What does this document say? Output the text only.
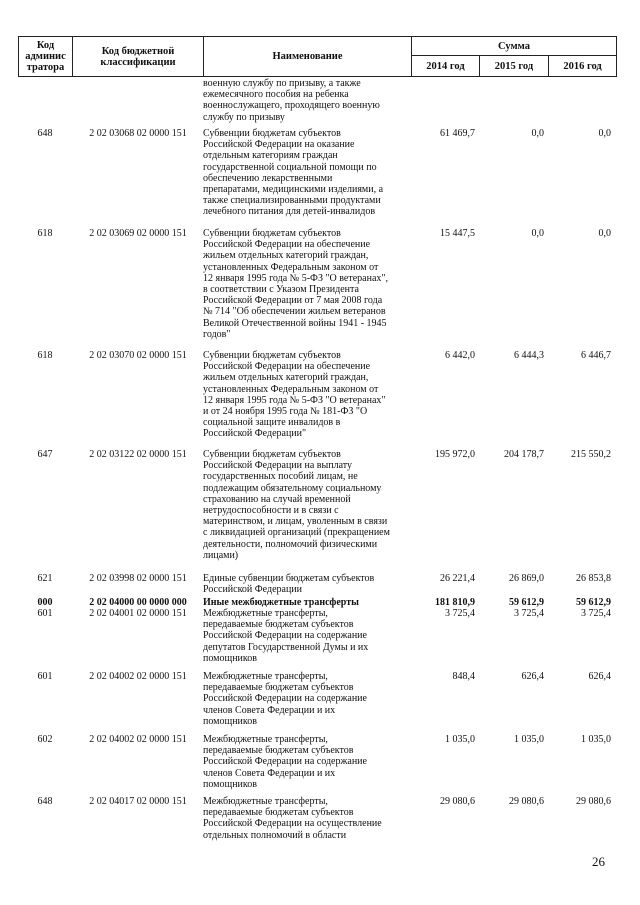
Код админис тратора	Код бюджетной классификации	Наименование	Сумма		
			2014 год	2015 год	2016 год
военную службу по призыву, а также
ежемесячного пособия на ребенка
военнослужащего, проходящего военную
службу по призыву
648	2 02 03068 02 0000 151	Субвенции бюджетам субъектов
Российской Федерации на оказание
отдельным категориям граждан
государственной социальной помощи по
обеспечению лекарственными
препаратами, медицинскими изделиями, а
также специализированными продуктами
лечебного питания для детей-инвалидов
61 469,7	0,0	0,0
618	2 02 03069 02 0000 151	Субвенции бюджетам субъектов
Российской Федерации на обеспечение
жильем отдельных категорий граждан,
установленных Федеральным законом от
12 января 1995 года № 5-ФЗ "О ветеранах",
в соответствии с Указом Президента
Российской Федерации от 7 мая 2008 года
№ 714 "Об обеспечении жильем ветеранов
Великой Отечественной войны 1941 - 1945
годов"
15 447,5	0,0	0,0
618	2 02 03070 02 0000 151	Субвенции бюджетам субъектов
Российской Федерации на обеспечение
жильем отдельных категорий граждан,
установленных Федеральным законом от
12 января 1995 года № 5-ФЗ "О ветеранах"
и от 24 ноября 1995 года № 181-ФЗ "О
социальной защите инвалидов в
Российской Федерации"
6 442,0	6 444,3	6 446,7
647	2 02 03122 02 0000 151	Субвенции бюджетам субъектов
Российской Федерации на выплату
государственных пособий лицам, не
подлежащим обязательному социальному
страхованию на случай временной
нетрудоспособности и в связи с
материнством, и лицам, уволенным в связи
с ликвидацией организаций (прекращением
деятельности, полномочий физическими
лицами)
195 972,0	204 178,7	215 550,2
621	2 02 03998 02 0000 151	Единые субвенции бюджетам субъектов
Российской Федерации
26 221,4	26 869,0	26 853,8
000	2 02 04000 00 0000 000	Иные межбюджетные трансферты	181 810,9	59 612,9	59 612,9
601	2 02 04001 02 0000 151	Межбюджетные трансферты,
передаваемые бюджетам субъектов
Российской Федерации на содержание
депутатов Государственной Думы и их
помощников
3 725,4	3 725,4	3 725,4
601	2 02 04002 02 0000 151	Межбюджетные трансферты,
передаваемые бюджетам субъектов
Российской Федерации на содержание
членов Совета Федерации и их
помощников
848,4	626,4	626,4
602	2 02 04002 02 0000 151	Межбюджетные трансферты,
передаваемые бюджетам субъектов
Российской Федерации на содержание
членов Совета Федерации и их
помощников
1 035,0	1 035,0	1 035,0
648	2 02 04017 02 0000 151	Межбюджетные трансферты,
передаваемые бюджетам субъектов
Российской Федерации на осуществление
отдельных полномочий в области
29 080,6	29 080,6	29 080,6
26
